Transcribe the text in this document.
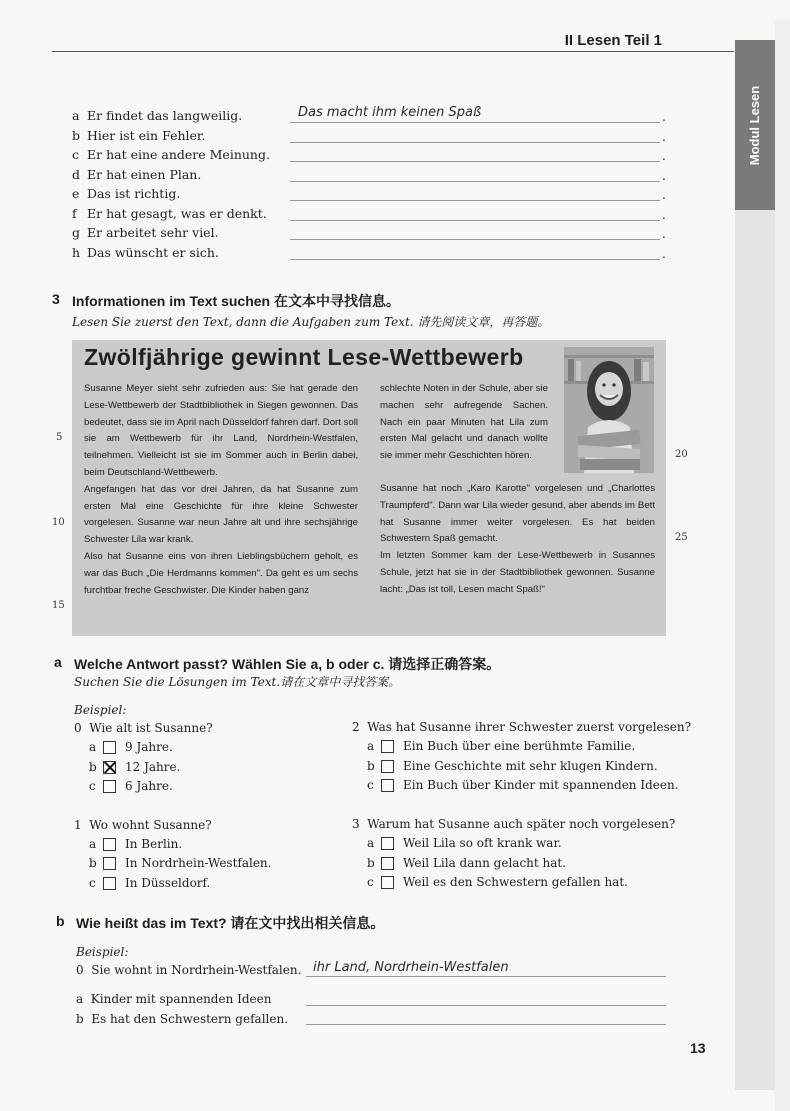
Modul Lesen
II Lesen Teil 1
a Er findet das langweilig.	Das macht ihm keinen Spaß	.
b Hier ist ein Fehler.	.
c Er hat eine andere Meinung.	.
d Er hat einen Plan.	.
e Das ist richtig.	.
f Er hat gesagt, was er denkt.	.
g Er arbeitet sehr viel.	.
h Das wünscht er sich.	.
3 Informationen im Text suchen 在文本中寻找信息。
Lesen Sie zuerst den Text, dann die Aufgaben zum Text. 请先阅读文章，再答题。
Zwölfjährige gewinnt Lese-Wettbewerb
Susanne Meyer sieht sehr zufrieden aus: Sie hat gerade den Lese-Wettbewerb der Stadtbibliothek in Siegen gewonnen. Das bedeutet, dass sie im April nach Düsseldorf fahren darf. Dort soll sie am Wettbewerb für ihr Land, Nordrhein-Westfalen, teilnehmen. Vielleicht ist sie im Sommer auch in Berlin dabei, beim Deutschland-Wettbewerb.
Angefangen hat das vor drei Jahren, da hat Susanne zum ersten Mal eine Geschichte für ihre kleine Schwester vorgelesen. Susanne war neun Jahre alt und ihre sechsjährige Schwester Lila war krank.
Also hat Susanne eins von ihren Lieblingsbüchern geholt, es war das Buch „Die Herdmanns kommen". Da geht es um sechs furchtbar freche Geschwister. Die Kinder haben ganz
schlechte Noten in der Schule, aber sie machen sehr aufregende Sachen. Nach ein paar Minuten hat Lila zum ersten Mal gelacht und danach wollte sie immer mehr Geschichten hören.
Susanne hat noch „Karo Karotte" vorgelesen und „Charlottes Traumpferd". Dann war Lila wieder gesund, aber abends im Bett hat Susanne immer weiter vorgelesen. Es hat beiden Schwestern Spaß gemacht.
Im letzten Sommer kam der Lese-Wettbewerb in Susannes Schule, jetzt hat sie in der Stadtbibliothek gewonnen. Susanne lacht: „Das ist toll, Lesen macht Spaß!"
5
10
15
20
25
a Welche Antwort passt? Wählen Sie a, b oder c. 请选择正确答案。
Suchen Sie die Lösungen im Text.请在文章中寻找答案。
Beispiel:
0 Wie alt ist Susanne?
a	9 Jahre.
b	12 Jahre.
c	6 Jahre.
1 Wo wohnt Susanne?
a	In Berlin.
b	In Nordrhein-Westfalen.
c	In Düsseldorf.
2 Was hat Susanne ihrer Schwester zuerst vorgelesen?
a	Ein Buch über eine berühmte Familie.
b	Eine Geschichte mit sehr klugen Kindern.
c	Ein Buch über Kinder mit spannenden Ideen.
3 Warum hat Susanne auch später noch vorgelesen?
a	Weil Lila so oft krank war.
b	Weil Lila dann gelacht hat.
c	Weil es den Schwestern gefallen hat.
b Wie heißt das im Text? 请在文中找出相关信息。
Beispiel:
0 Sie wohnt in Nordrhein-Westfalen. ihr Land, Nordrhein-Westfalen
a Kinder mit spannenden Ideen
b Es hat den Schwestern gefallen.
13
